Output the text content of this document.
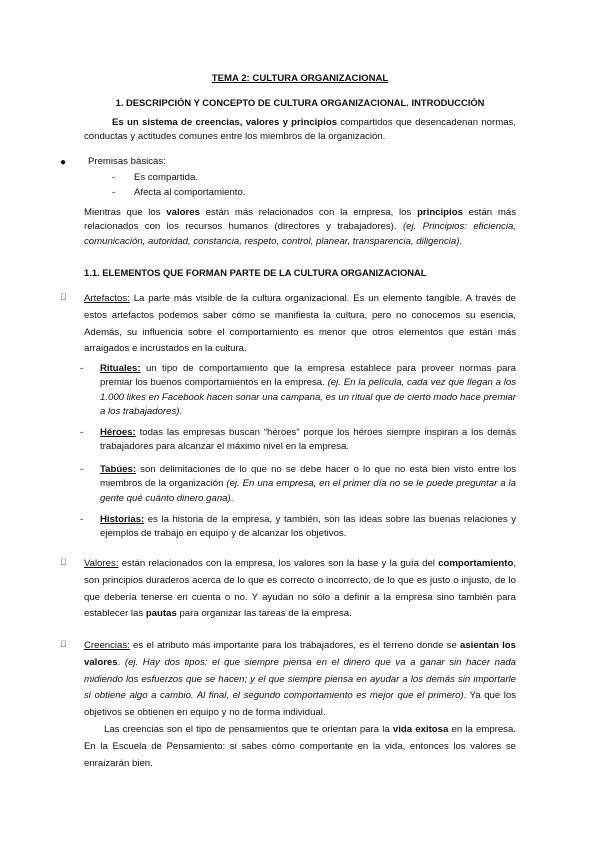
TEMA 2: CULTURA ORGANIZACIONAL
1. DESCRIPCIÓN Y CONCEPTO DE CULTURA ORGANIZACIONAL. INTRODUCCIÓN
Es un sistema de creencias, valores y principios compartidos que desencadenan normas, conductas y actitudes comunes entre los miembros de la organización.
● Premisas básicas:
- Es compartida.
- Afecta al comportamiento.
Mientras que los valores están más relacionados con la empresa, los principios están más relacionados con los recursos humanos (directores y trabajadores). (ej. Principios: eficiencia, comunicación, autoridad, constancia, respeto, control, planear, transparencia, diligencia).
1.1. ELEMENTOS QUE FORMAN PARTE DE LA CULTURA ORGANIZACIONAL
Artefactos: La parte más visible de la cultura organizacional. Es un elemento tangible. A través de estos artefactos podemos saber cómo se manifiesta la cultura, pero no conocemos su esencia, Además, su influencia sobre el comportamiento es menor que otros elementos que están más arraigados e incrustados en la cultura.
- Rituales: un tipo de comportamiento que la empresa establece para proveer normas para premiar los buenos comportamientos en la empresa. (ej. En la película, cada vez que llegan a los 1.000 likes en Facebook hacen sonar una campana, es un ritual que de cierto modo hace premiar a los trabajadores).
- Héroes: todas las empresas buscan “héroes” porque los héroes siempre inspiran a los demás trabajadores para alcanzar el máximo nivel en la empresa.
- Tabúes: son delimitaciones de lo que no se debe hacer o lo que no está bien visto entre los miembros de la organización (ej. En una empresa, en el primer día no se le puede preguntar a la gente qué cuánto dinero gana).
- Historias: es la historia de la empresa, y también, son las ideas sobre las buenas relaciones y ejemplos de trabajo en equipo y de alcanzar los objetivos.
Valores: están relacionados con la empresa, los valores son la base y la guía del comportamiento, son principios duraderos acerca de lo que es correcto o incorrecto, de lo que es justo o injusto, de lo que debería tenerse en cuenta o no. Y ayudan no sólo a definir a la empresa sino también para establecer las pautas para organizar las tareas de la empresa.
Creencias: es el atributo más importante para los trabajadores, es el terreno donde se asientan los valores. (ej. Hay dos tipos: el que siempre piensa en el dinero que va a ganar sin hacer nada midiendo los esfuerzos que se hacen; y el que siempre piensa en ayudar a los demás sin importarle si obtiene algo a cambio. Al final, el segundo comportamiento es mejor que el primero). Ya que los objetivos se obtienen en equipo y no de forma individual.
Las creencias son el tipo de pensamientos que te orientan para la vida exitosa en la empresa. En la Escuela de Pensamiento: si sabes cómo comportante en la vida, entonces los valores se enraizarán bien.
